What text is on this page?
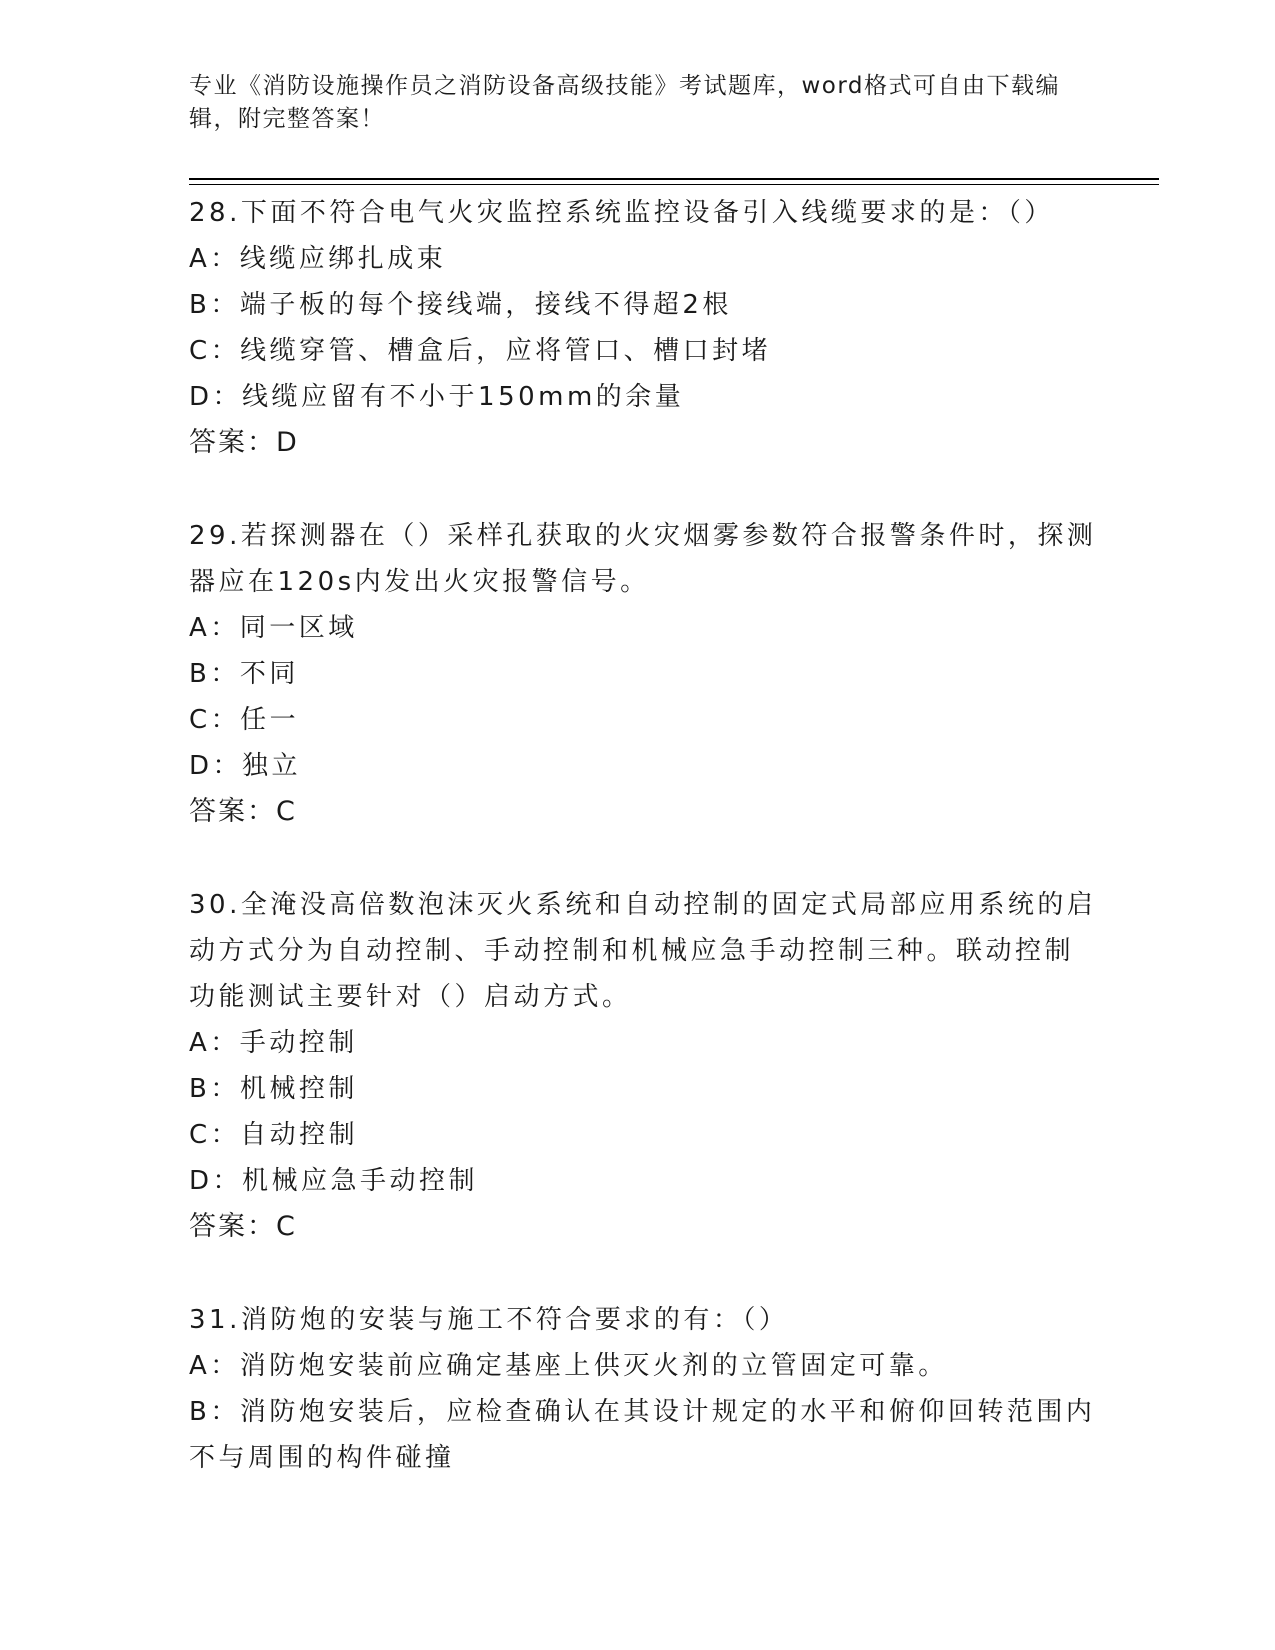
专业《消防设施操作员之消防设备高级技能》考试题库，word格式可自由下载编
辑，附完整答案！
28.下面不符合电气火灾监控系统监控设备引入线缆要求的是：（）
A：线缆应绑扎成束
B：端子板的每个接线端，接线不得超2根
C：线缆穿管、槽盒后，应将管口、槽口封堵
D：线缆应留有不小于150mm的余量
答案：D
29.若探测器在（）采样孔获取的火灾烟雾参数符合报警条件时，探测
器应在120s内发出火灾报警信号。
A：同一区域
B：不同
C：任一
D：独立
答案：C
30.全淹没高倍数泡沫灭火系统和自动控制的固定式局部应用系统的启
动方式分为自动控制、手动控制和机械应急手动控制三种。联动控制
功能测试主要针对（）启动方式。
A：手动控制
B：机械控制
C：自动控制
D：机械应急手动控制
答案：C
31.消防炮的安装与施工不符合要求的有：（）
A：消防炮安装前应确定基座上供灭火剂的立管固定可靠。
B：消防炮安装后，应检查确认在其设计规定的水平和俯仰回转范围内
不与周围的构件碰撞
